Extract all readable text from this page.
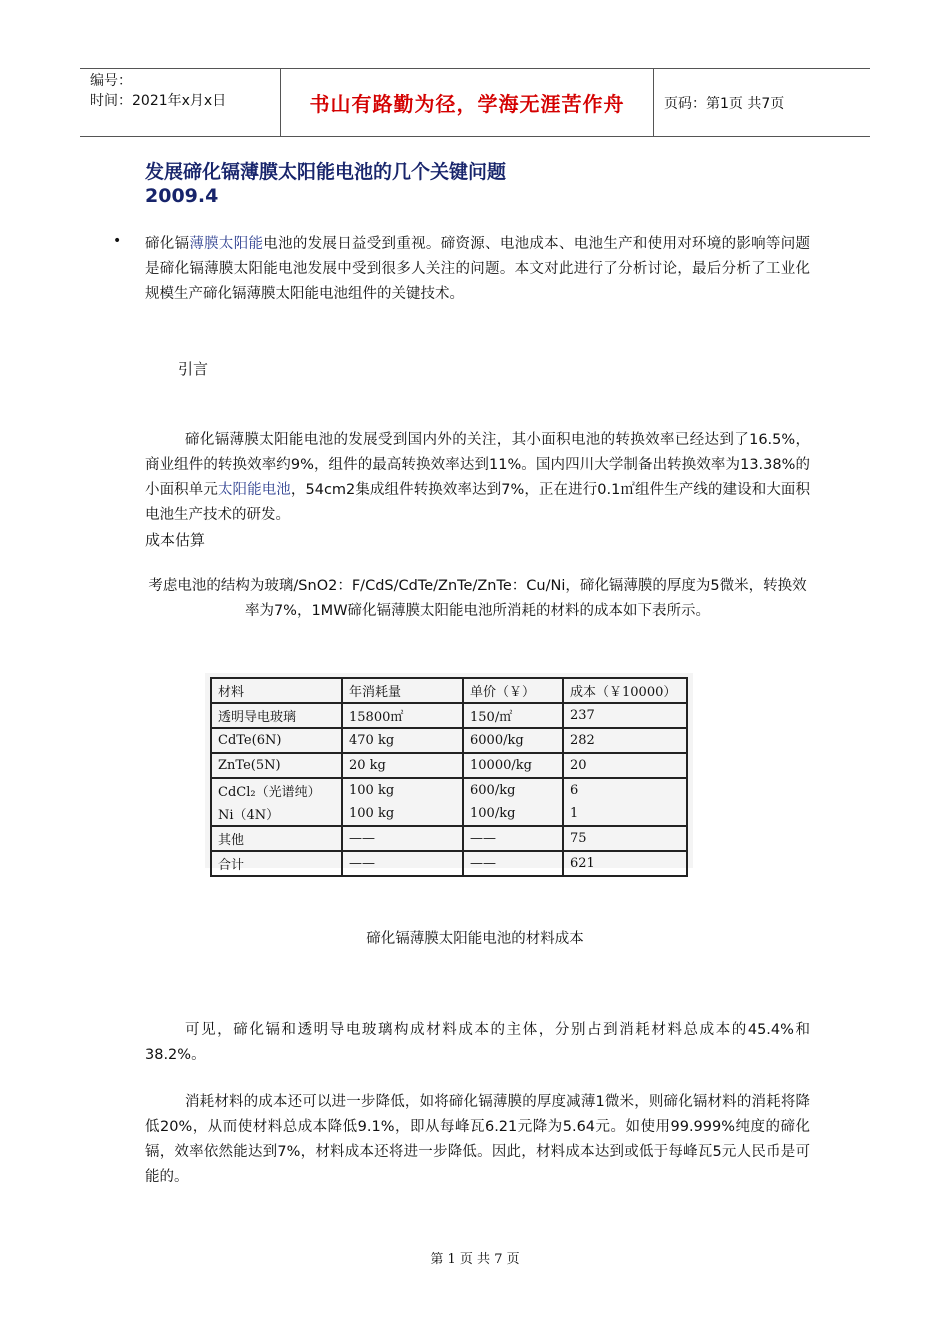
编号：
时间：2021年x月x日	书山有路勤为径，学海无涯苦作舟	页码：第1页 共7页
发展碲化镉薄膜太阳能电池的几个关键问题
2009.4
• 碲化镉薄膜太阳能电池的发展日益受到重视。碲资源、电池成本、电池生产和使用对环境的影响等问题是碲化镉薄膜太阳能电池发展中受到很多人关注的问题。本文对此进行了分析讨论，最后分析了工业化规模生产碲化镉薄膜太阳能电池组件的关键技术。
引言
碲化镉薄膜太阳能电池的发展受到国内外的关注，其小面积电池的转换效率已经达到了16.5%，商业组件的转换效率约9%，组件的最高转换效率达到11%。国内四川大学制备出转换效率为13.38%的小面积单元太阳能电池，54cm2集成组件转换效率达到7%，正在进行0.1㎡组件生产线的建设和大面积电池生产技术的研发。
成本估算
考虑电池的结构为玻璃/SnO2：F/CdS/CdTe/ZnTe/ZnTe：Cu/Ni，碲化镉薄膜的厚度为5微米，转换效率为7%，1MW碲化镉薄膜太阳能电池所消耗的材料的成本如下表所示。
材料	年消耗量	单价（￥）	成本（￥10000）
透明导电玻璃	15800㎡	150/㎡	237
CdTe(6N)	470 kg	6000/kg	282
ZnTe(5N)	20 kg	10000/kg	20
CdCl₂（光谱纯）	100 kg	600/kg	6
Ni（4N）	100 kg	100/kg	1
其他	——	——	75
合计	——	——	621
碲化镉薄膜太阳能电池的材料成本
可见，碲化镉和透明导电玻璃构成材料成本的主体，分别占到消耗材料总成本的45.4%和38.2%。
消耗材料的成本还可以进一步降低，如将碲化镉薄膜的厚度减薄1微米，则碲化镉材料的消耗将降低20%，从而使材料总成本降低9.1%，即从每峰瓦6.21元降为5.64元。如使用99.999%纯度的碲化镉，效率依然能达到7%，材料成本还将进一步降低。因此，材料成本达到或低于每峰瓦5元人民币是可能的。
第 1 页 共 7 页
